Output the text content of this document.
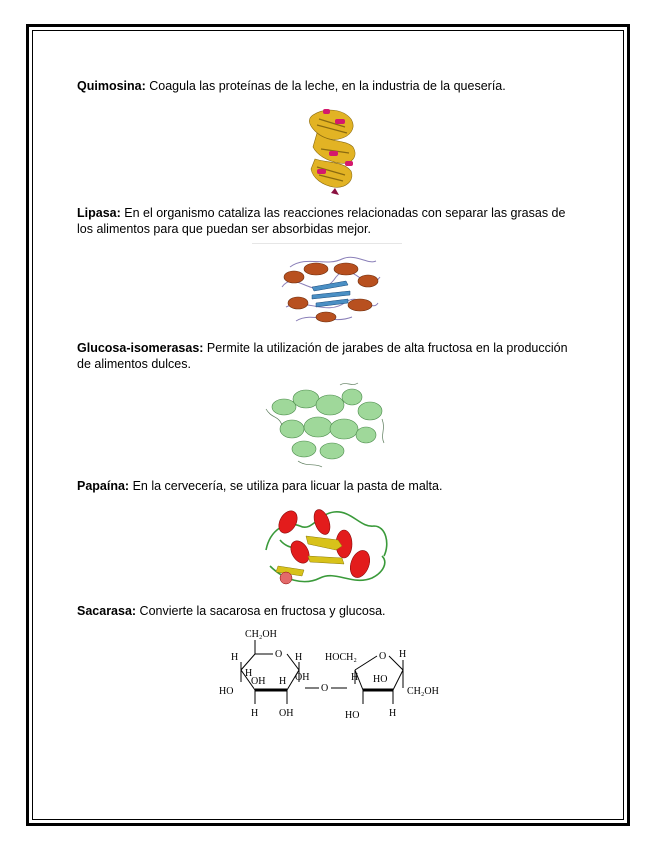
Quimosina: Coagula las proteínas de la leche, en la industria de la quesería.

Lipasa: En el organismo cataliza las reacciones relacionadas con separar las grasas de los alimentos para que puedan ser absorbidas mejor.

Glucosa-isomerasas: Permite la utilización de jarabes de alta fructosa en la producción de alimentos dulces.

Papaína: En la cervecería, se utiliza para licuar la pasta de malta.

Sacarasa: Convierte la sacarosa en fructosa y glucosa.

CH₂OH
O
H
H
OH H
H
OH
HO
H OH
O
HOCH₂ O H
H HO
CH₂OH
HO	H
